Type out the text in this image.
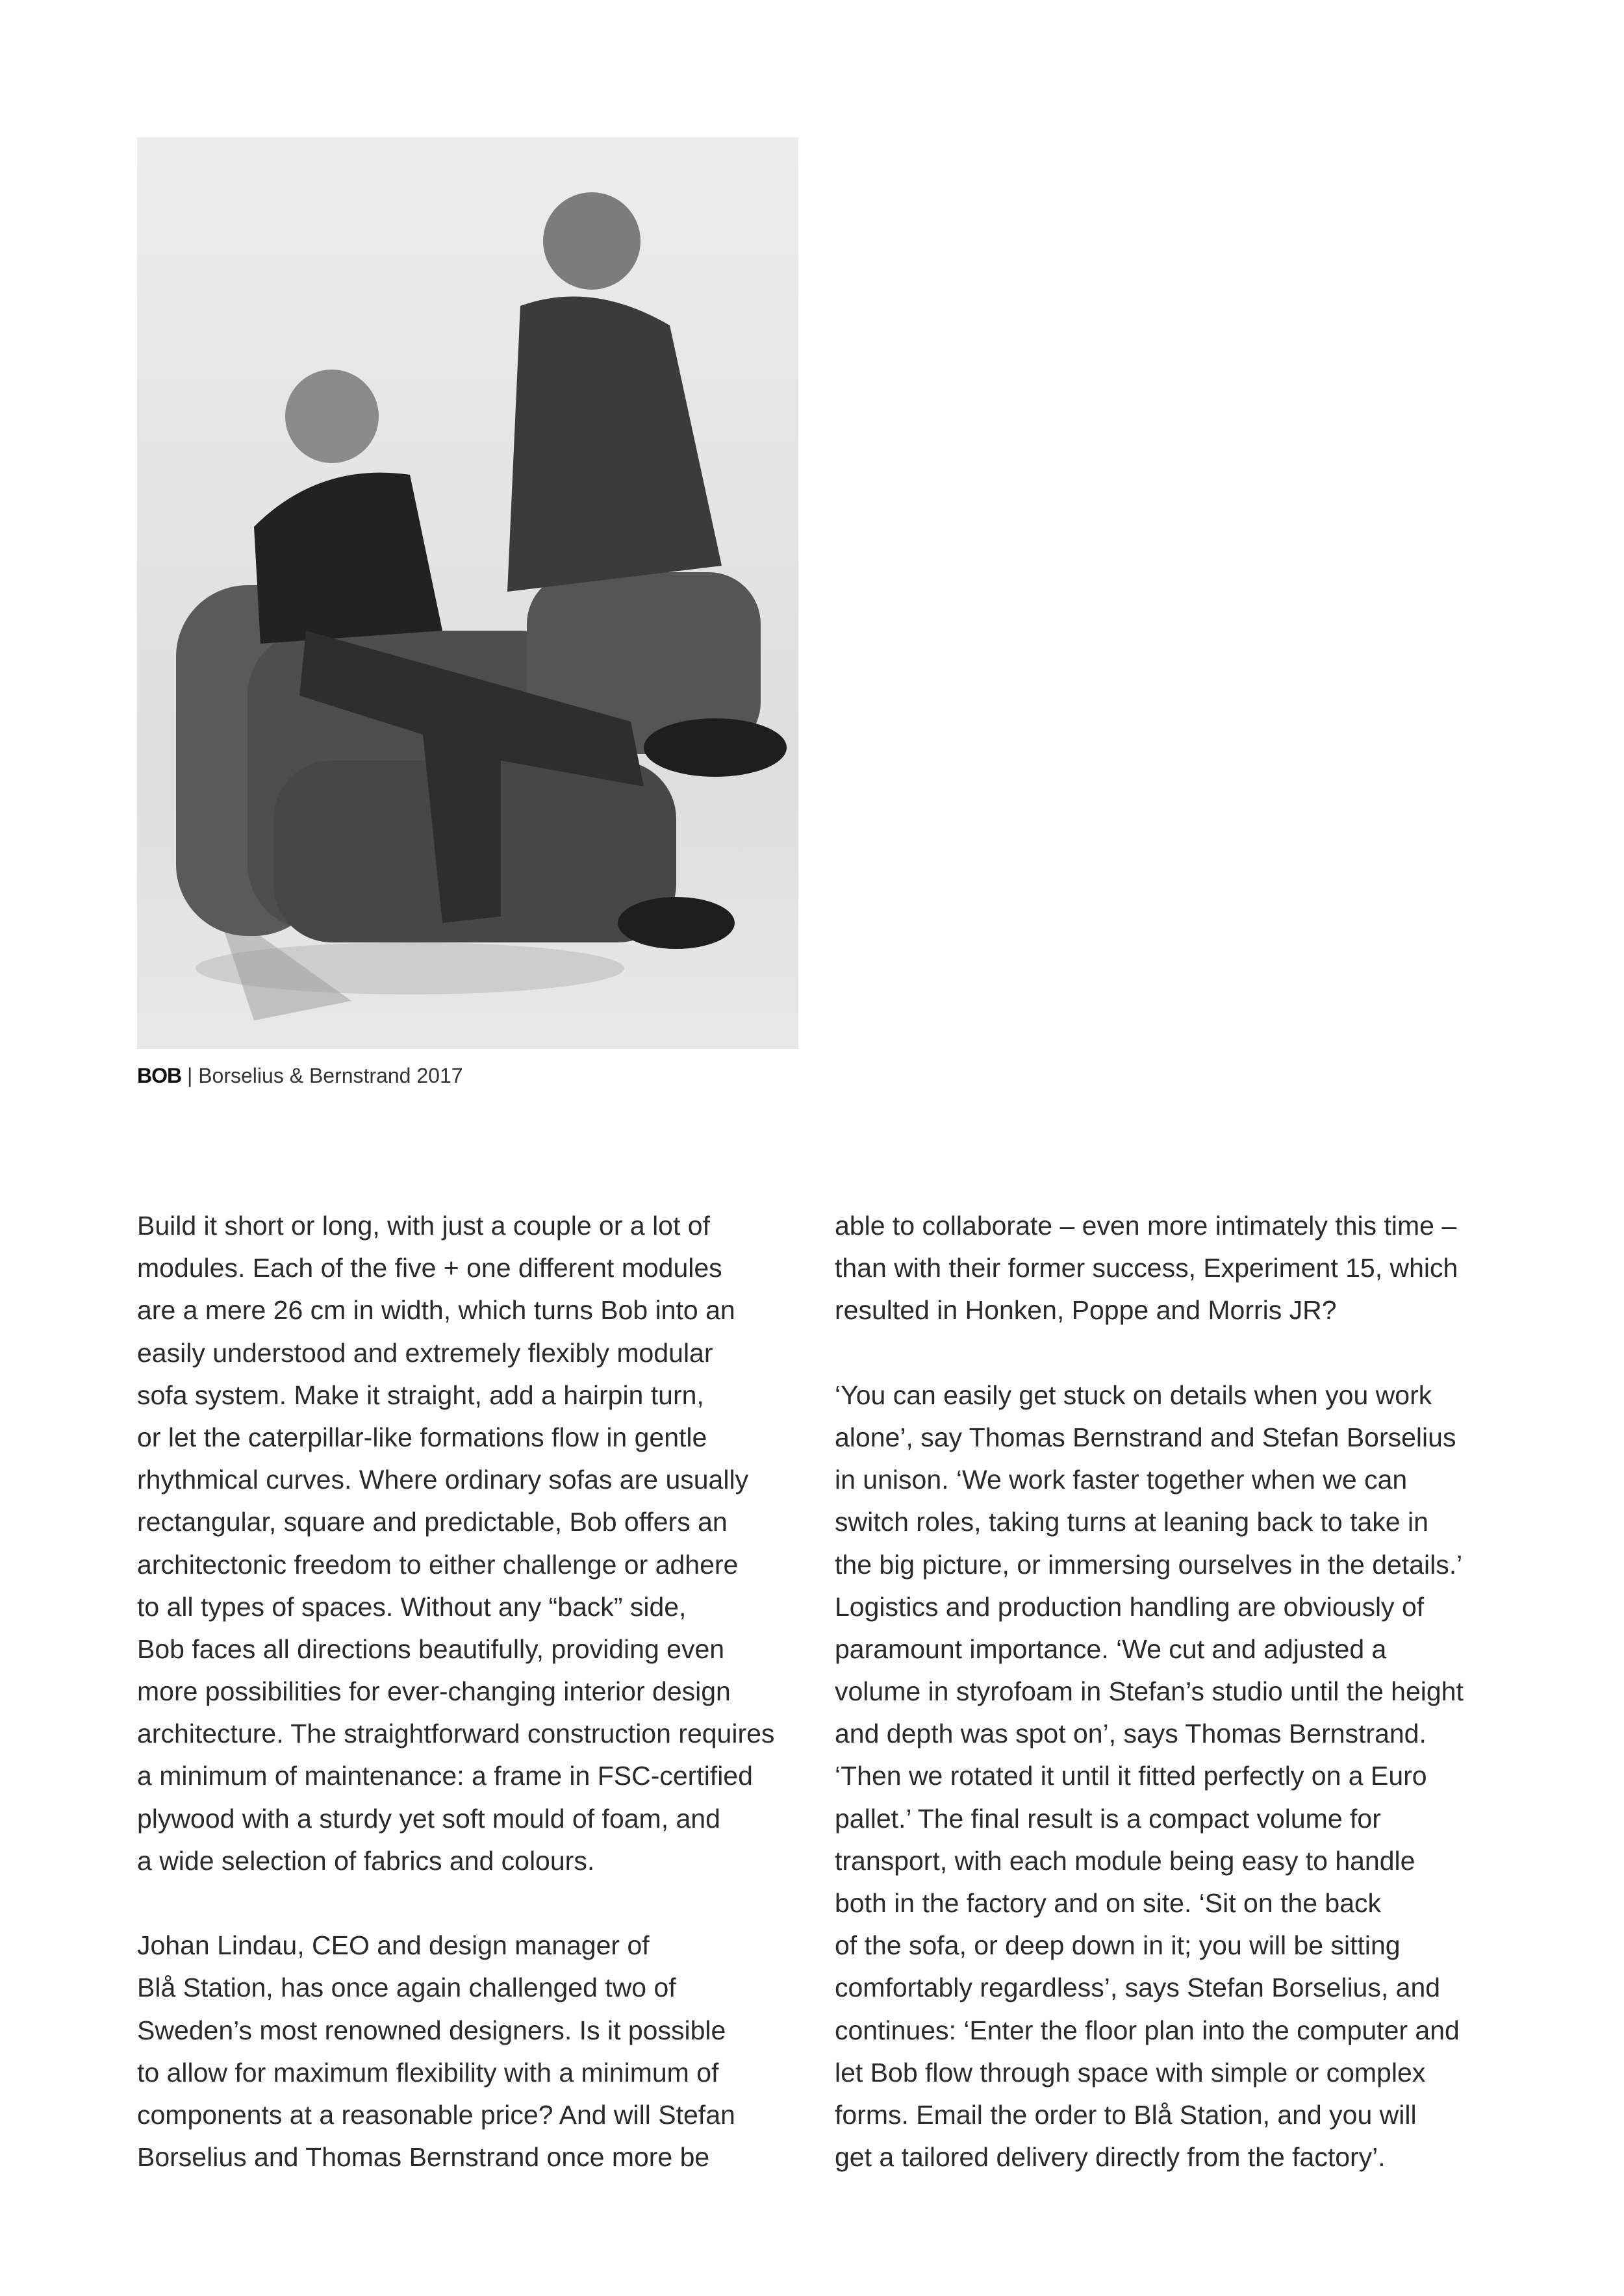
BOB | Borselius & Bernstrand 2017
Build it short or long, with just a couple or a lot of
modules. Each of the five + one different modules
are a mere 26 cm in width, which turns Bob into an
easily understood and extremely flexibly modular
sofa system. Make it straight, add a hairpin turn,
or let the caterpillar-like formations flow in gentle
rhythmical curves. Where ordinary sofas are usually
rectangular, square and predictable, Bob offers an
architectonic freedom to either challenge or adhere
to all types of spaces. Without any “back” side,
Bob faces all directions beautifully, providing even
more possibilities for ever-changing interior design
architecture. The straightforward construction requires
a minimum of maintenance: a frame in FSC-certified
plywood with a sturdy yet soft mould of foam, and
a wide selection of fabrics and colours.
Johan Lindau, CEO and design manager of
Blå Station, has once again challenged two of
Sweden’s most renowned designers. Is it possible
to allow for maximum flexibility with a minimum of
components at a reasonable price? And will Stefan
Borselius and Thomas Bernstrand once more be
able to collaborate – even more intimately this time –
than with their former success, Experiment 15, which
resulted in Honken, Poppe and Morris JR?
‘You can easily get stuck on details when you work
alone’, say Thomas Bernstrand and Stefan Borselius
in unison. ‘We work faster together when we can
switch roles, taking turns at leaning back to take in
the big picture, or immersing ourselves in the details.’
Logistics and production handling are obviously of
paramount importance. ‘We cut and adjusted a
volume in styrofoam in Stefan’s studio until the height
and depth was spot on’, says Thomas Bernstrand.
‘Then we rotated it until it fitted perfectly on a Euro
pallet.’ The final result is a compact volume for
transport, with each module being easy to handle
both in the factory and on site. ‘Sit on the back
of the sofa, or deep down in it; you will be sitting
comfortably regardless’, says Stefan Borselius, and
continues: ‘Enter the floor plan into the computer and
let Bob flow through space with simple or complex
forms. Email the order to Blå Station, and you will
get a tailored delivery directly from the factory’.
